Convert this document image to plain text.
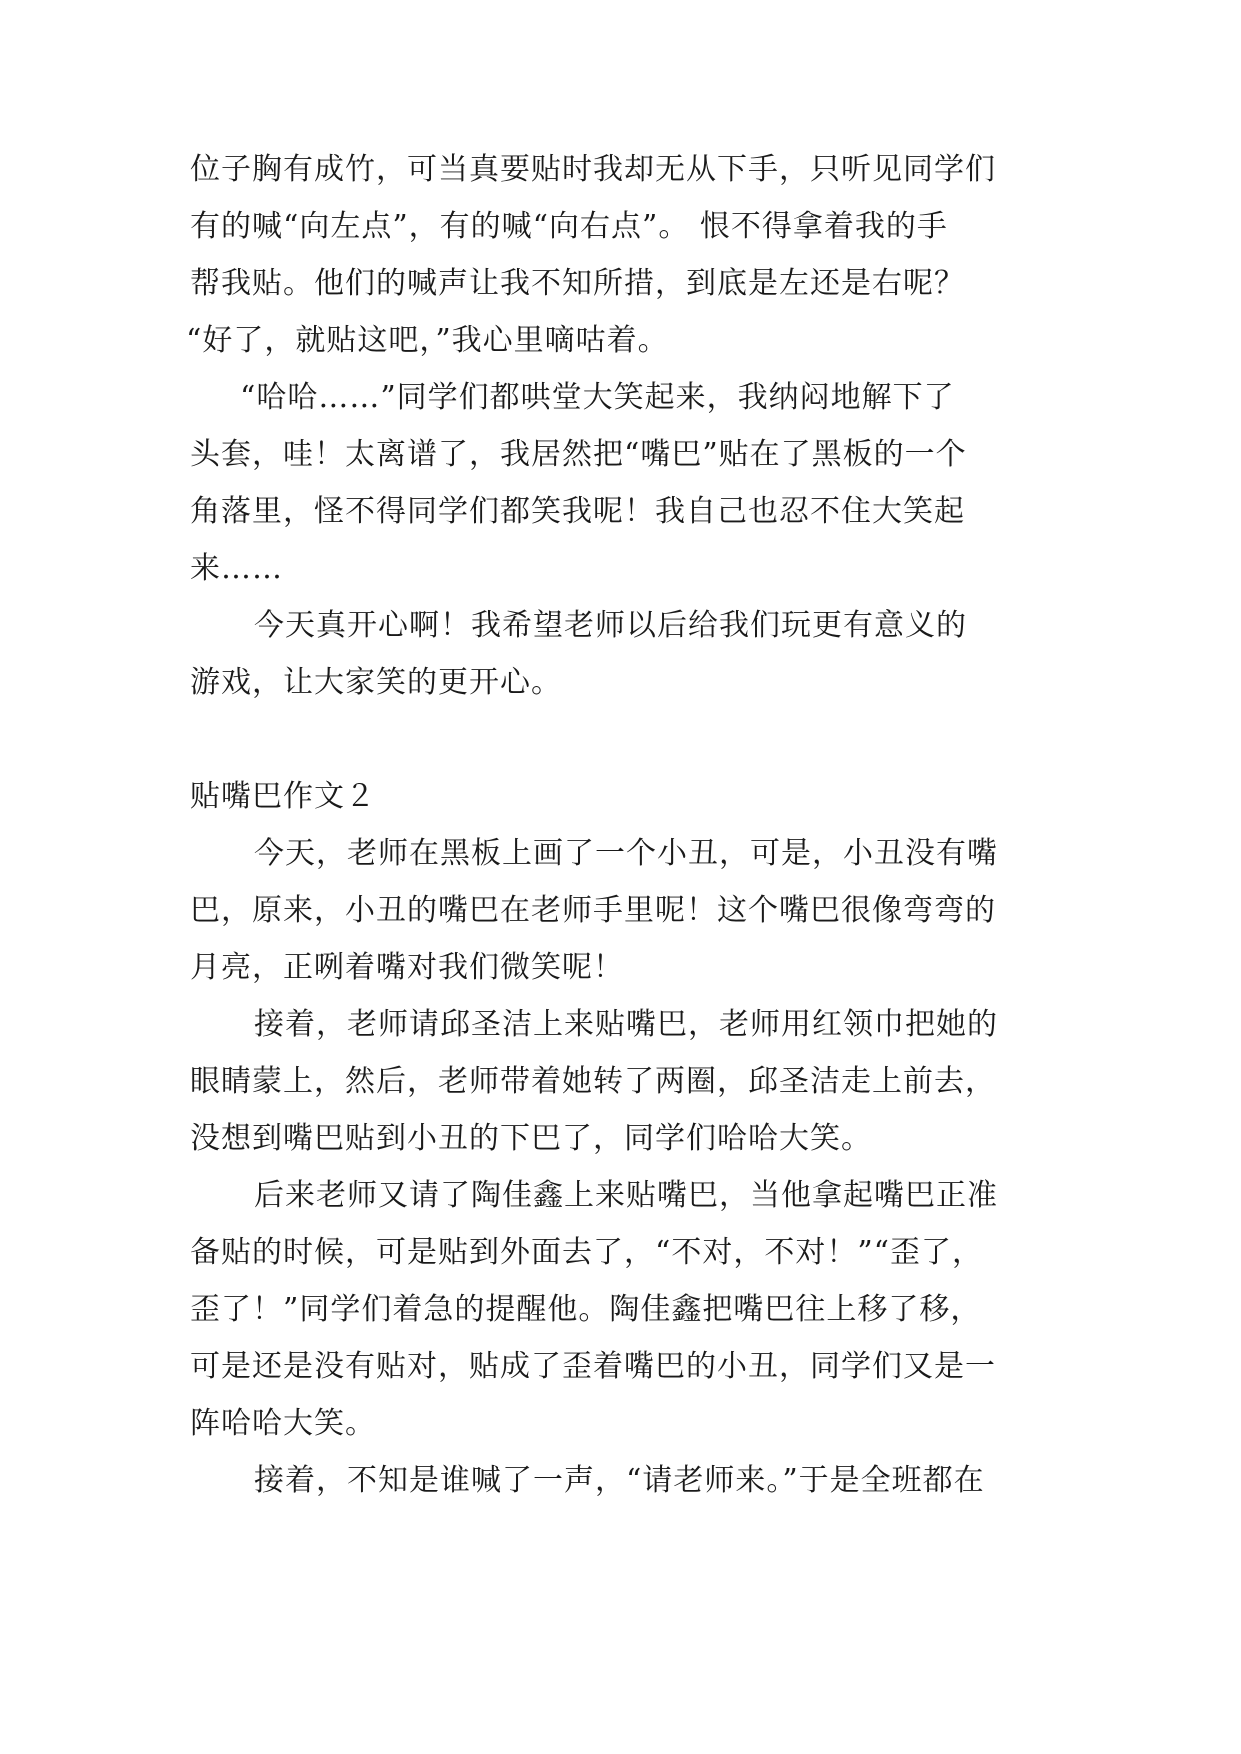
位子胸有成竹，可当真要贴时我却无从下手，只听见同学们
有的喊“向左点”，有的喊“向右点”。 恨不得拿着我的手
帮我贴。他们的喊声让我不知所措，到底是左还是右呢？
“好了，就贴这吧，”我心里嘀咕着。
“哈哈……”同学们都哄堂大笑起来，我纳闷地解下了
头套，哇！太离谱了，我居然把“嘴巴”贴在了黑板的一个
角落里，怪不得同学们都笑我呢！我自己也忍不住大笑起
来……
今天真开心啊！我希望老师以后给我们玩更有意义的
游戏，让大家笑的更开心。
贴嘴巴作文２
今天，老师在黑板上画了一个小丑，可是，小丑没有嘴
巴，原来，小丑的嘴巴在老师手里呢！这个嘴巴很像弯弯的
月亮，正咧着嘴对我们微笑呢！
接着，老师请邱圣洁上来贴嘴巴，老师用红领巾把她的
眼睛蒙上，然后，老师带着她转了两圈，邱圣洁走上前去，
没想到嘴巴贴到小丑的下巴了，同学们哈哈大笑。
后来老师又请了陶佳鑫上来贴嘴巴，当他拿起嘴巴正准
备贴的时候，可是贴到外面去了，“不对，不对！”“歪了，
歪了！”同学们着急的提醒他。陶佳鑫把嘴巴往上移了移，
可是还是没有贴对，贴成了歪着嘴巴的小丑，同学们又是一
阵哈哈大笑。
接着，不知是谁喊了一声，“请老师来。”于是全班都在
